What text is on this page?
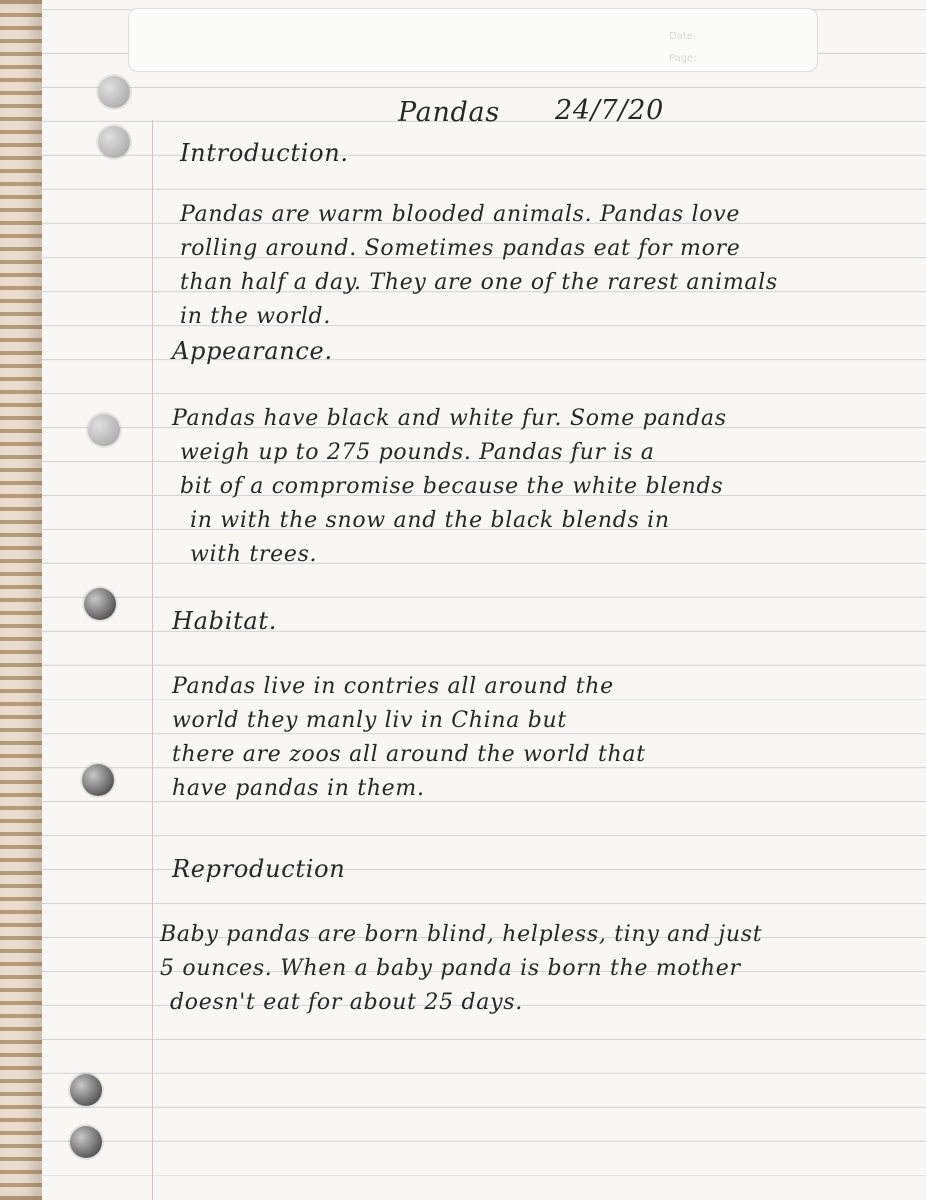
Date:
Page:
Pandas 24/7/20
Introduction.
Pandas are warm blooded animals. Pandas love
rolling around. Sometimes pandas eat for more
than half a day. They are one of the rarest animals
in the world.
Appearance.
Pandas have black and white fur. Some pandas
weigh up to 275 pounds. Pandas fur is a
bit of a compromise because the white blends
in with the snow and the black blends in
with trees.
Habitat.
Pandas live in contries all around the
world they manly liv in China but
there are zoos all around the world that
have pandas in them.
Reproduction
Baby pandas are born blind, helpless, tiny and just
5 ounces. When a baby panda is born the mother
doesn't eat for about 25 days.
